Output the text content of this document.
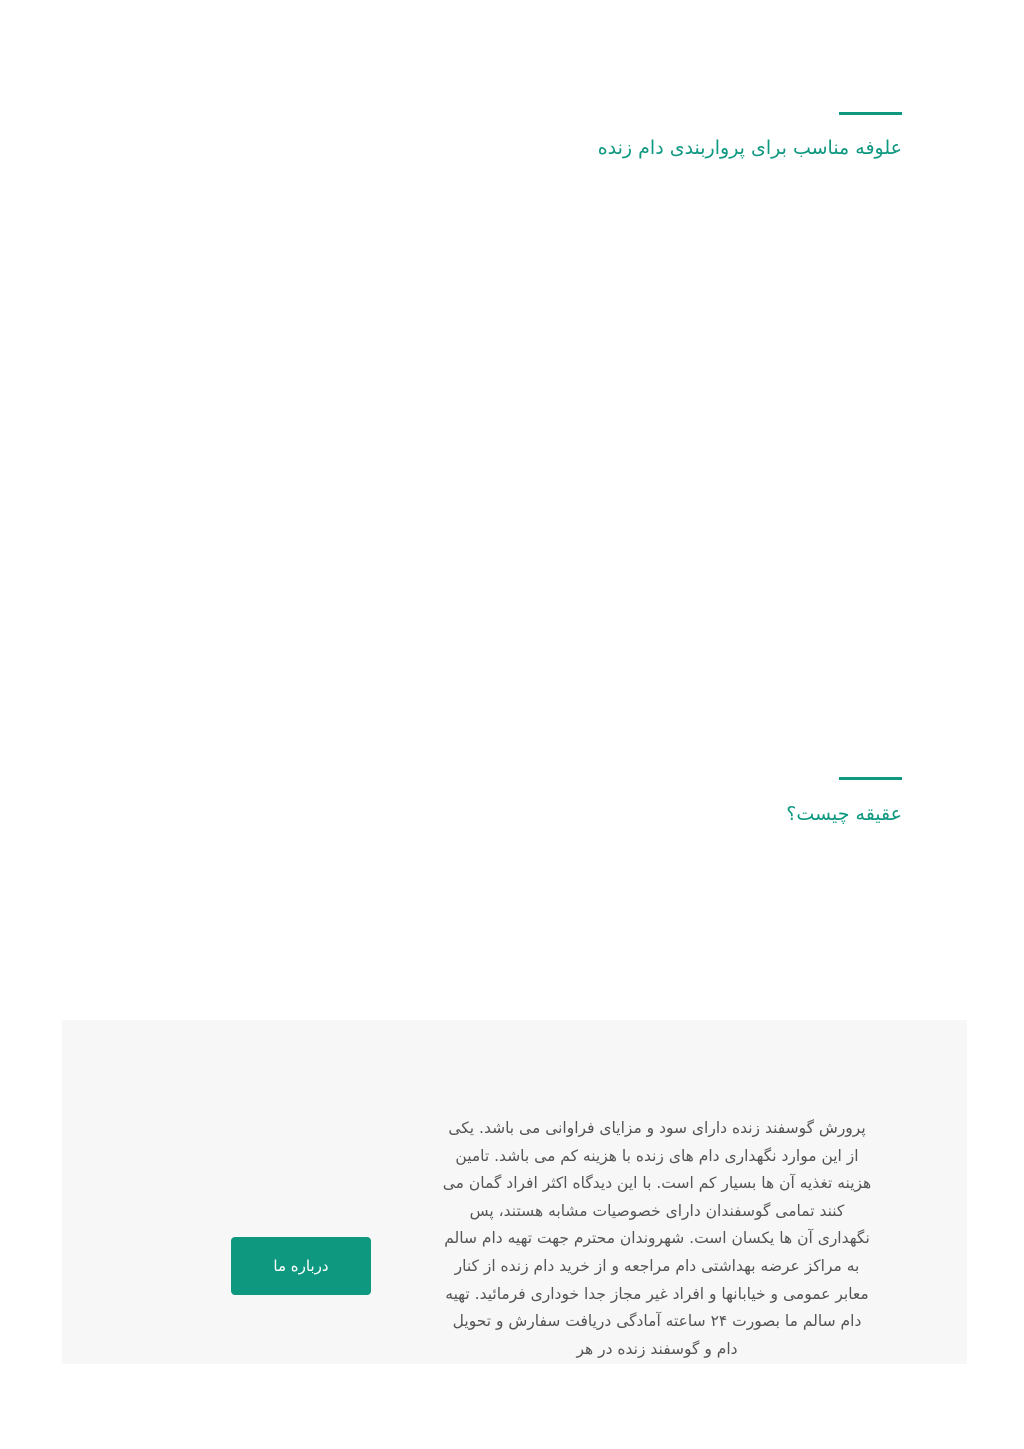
علوفه مناسب برای پرواربندی دام زنده
عقیقه چیست؟

پرورش گوسفند زنده دارای سود و مزایای فراوانی می باشد. یکی از این موارد نگهداری دام های زنده با هزینه کم می باشد. تامین هزینه تغذیه آن ها بسیار کم است. با این دیدگاه اکثر افراد گمان می کنند تمامی گوسفندان دارای خصوصیات مشابه هستند، پس نگهداری آن ها یکسان است. شهروندان محترم جهت تهیه دام سالم به مراکز عرضه بهداشتی دام مراجعه و از خرید دام زنده از کنار معابر عمومی و خیابانها و افراد غیر مجاز جدا خوداری فرمائید. تهیه دام سالم ما بصورت ۲۴ ساعته آمادگی دریافت سفارش و تحویل دام و گوسفند زنده در هر

درباره ما
